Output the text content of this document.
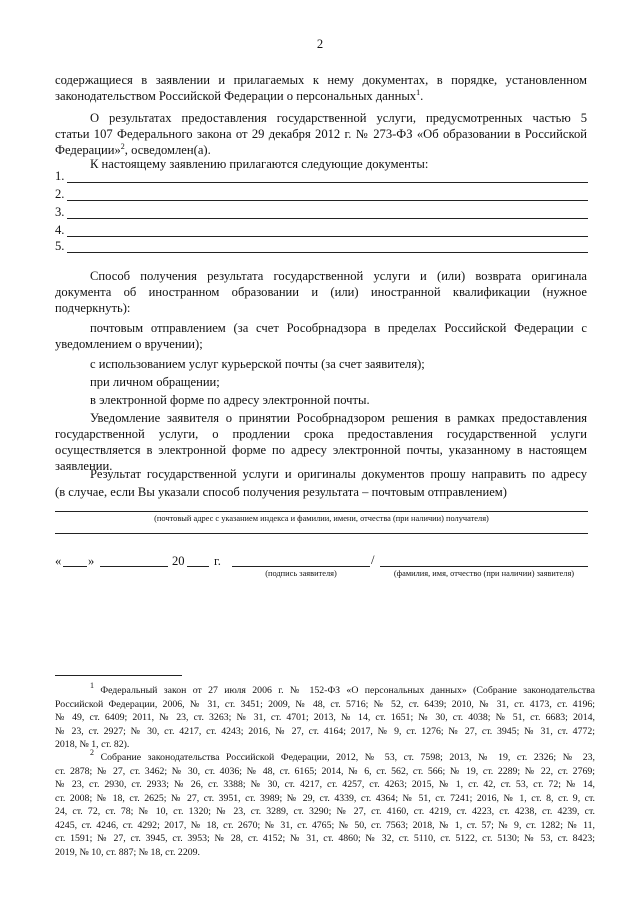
2
содержащиеся в заявлении и прилагаемых к нему документах, в порядке, установленном
законодательством Российской Федерации о персональных данных$^1$.
О результатах предоставления государственной услуги, предусмотренных частью 5
статьи 107 Федерального закона от 29 декабря 2012 г. № 273-ФЗ «Об образовании в Российской
Федерации»$^2$, осведомлен(а).
К настоящему заявлению прилагаются следующие документы:
1.
2.
3.
4.
5.
Способ получения результата государственной услуги и (или) возврата оригинала
документа об иностранном образовании и (или) иностранной квалификации (нужное
подчеркнуть):
почтовым отправлением (за счет Рособрнадзора в пределах Российской Федерации с
уведомлением о вручении);
с использованием услуг курьерской почты (за счет заявителя);
при личном обращении;
в электронной форме по адресу электронной почты.
Уведомление заявителя о принятии Рособрнадзором решения в рамках предоставления
государственной услуги, о продлении срока предоставления государственной услуги
осуществляется в электронной форме по адресу электронной почты, указанному в настоящем
заявлении.
Результат государственной услуги и оригиналы документов прошу направить по адресу
(в случае, если Вы указали способ получения результата – почтовым отправлением)
(почтовый адрес с указанием индекса и фамилии, имени, отчества (при наличии) получателя)
« »	20 г.	/
(подпись заявителя)	(фамилия, имя, отчество (при наличии) заявителя)
$^1$ Федеральный закон от 27 июля 2006 г. № 152-ФЗ «О персональных данных» (Собрание законодательства
Российской Федерации, 2006, № 31, ст. 3451; 2009, № 48, ст. 5716; № 52, ст. 6439; 2010, № 31, ст. 4173, ст. 4196;
№ 49, ст. 6409; 2011, № 23, ст. 3263; № 31, ст. 4701; 2013, № 14, ст. 1651; № 30, ст. 4038; № 51, ст. 6683; 2014,
№ 23, ст. 2927; № 30, ст. 4217, ст. 4243; 2016, № 27, ст. 4164; 2017, № 9, ст. 1276; № 27, ст. 3945; № 31, ст. 4772;
2018, № 1, ст. 82).
$^2$ Собрание законодательства Российской Федерации, 2012, № 53, ст. 7598; 2013, № 19, ст. 2326; № 23,
ст. 2878; № 27, ст. 3462; № 30, ст. 4036; № 48, ст. 6165; 2014, № 6, ст. 562, ст. 566; № 19, ст. 2289; № 22, ст. 2769;
№ 23, ст. 2930, ст. 2933; № 26, ст. 3388; № 30, ст. 4217, ст. 4257, ст. 4263; 2015, № 1, ст. 42, ст. 53, ст. 72; № 14,
ст. 2008; № 18, ст. 2625; № 27, ст. 3951, ст. 3989; № 29, ст. 4339, ст. 4364; № 51, ст. 7241; 2016, № 1, ст. 8, ст. 9, ст.
24, ст. 72, ст. 78; № 10, ст. 1320; № 23, ст. 3289, ст. 3290; № 27, ст. 4160, ст. 4219, ст. 4223, ст. 4238, ст. 4239, ст.
4245, ст. 4246, ст. 4292; 2017, № 18, ст. 2670; № 31, ст. 4765; № 50, ст. 7563; 2018, № 1, ст. 57; № 9, ст. 1282; № 11,
ст. 1591; № 27, ст. 3945, ст. 3953; № 28, ст. 4152; № 31, ст. 4860; № 32, ст. 5110, ст. 5122, ст. 5130; № 53, ст. 8423;
2019, № 10, ст. 887; № 18, ст. 2209.
